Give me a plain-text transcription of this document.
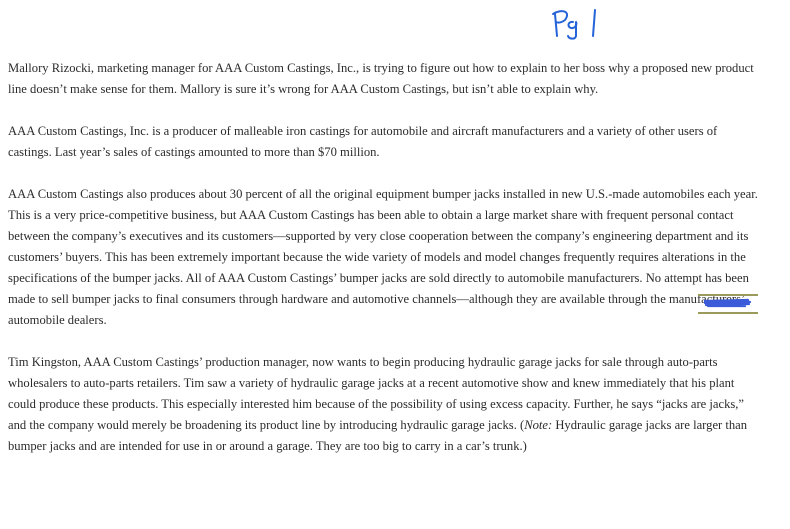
Mallory Rizocki, marketing manager for AAA Custom Castings, Inc., is trying to figure out how to explain to her boss why a proposed new product line doesn’t make sense for them. Mallory is sure it’s wrong for AAA Custom Castings, but isn’t able to explain why.

AAA Custom Castings, Inc. is a producer of malleable iron castings for automobile and aircraft manufacturers and a variety of other users of castings. Last year’s sales of castings amounted to more than $70 million.

AAA Custom Castings also produces about 30 percent of all the original equipment bumper jacks installed in new U.S.-made automobiles each year. This is a very price-competitive business, but AAA Custom Castings has been able to obtain a large market share with frequent personal contact between the company’s executives and its customers—supported by very close cooperation between the company’s engineering department and its customers’ buyers. This has been extremely important because the wide variety of models and model changes frequently requires alterations in the specifications of the bumper jacks. All of AAA Custom Castings’ bumper jacks are sold directly to automobile manufacturers. No attempt has been made to sell bumper jacks to final consumers through hardware and automotive channels—although they are available through the manufacturers’ automobile dealers.

Tim Kingston, AAA Custom Castings’ production manager, now wants to begin producing hydraulic garage jacks for sale through auto-parts wholesalers to auto-parts retailers. Tim saw a variety of hydraulic garage jacks at a recent automotive show and knew immediately that his plant could produce these products. This especially interested him because of the possibility of using excess capacity. Further, he says “jacks are jacks,” and the company would merely be broadening its product line by introducing hydraulic garage jacks. (Note: Hydraulic garage jacks are larger than bumper jacks and are intended for use in or around a garage. They are too big to carry in a car’s trunk.)
